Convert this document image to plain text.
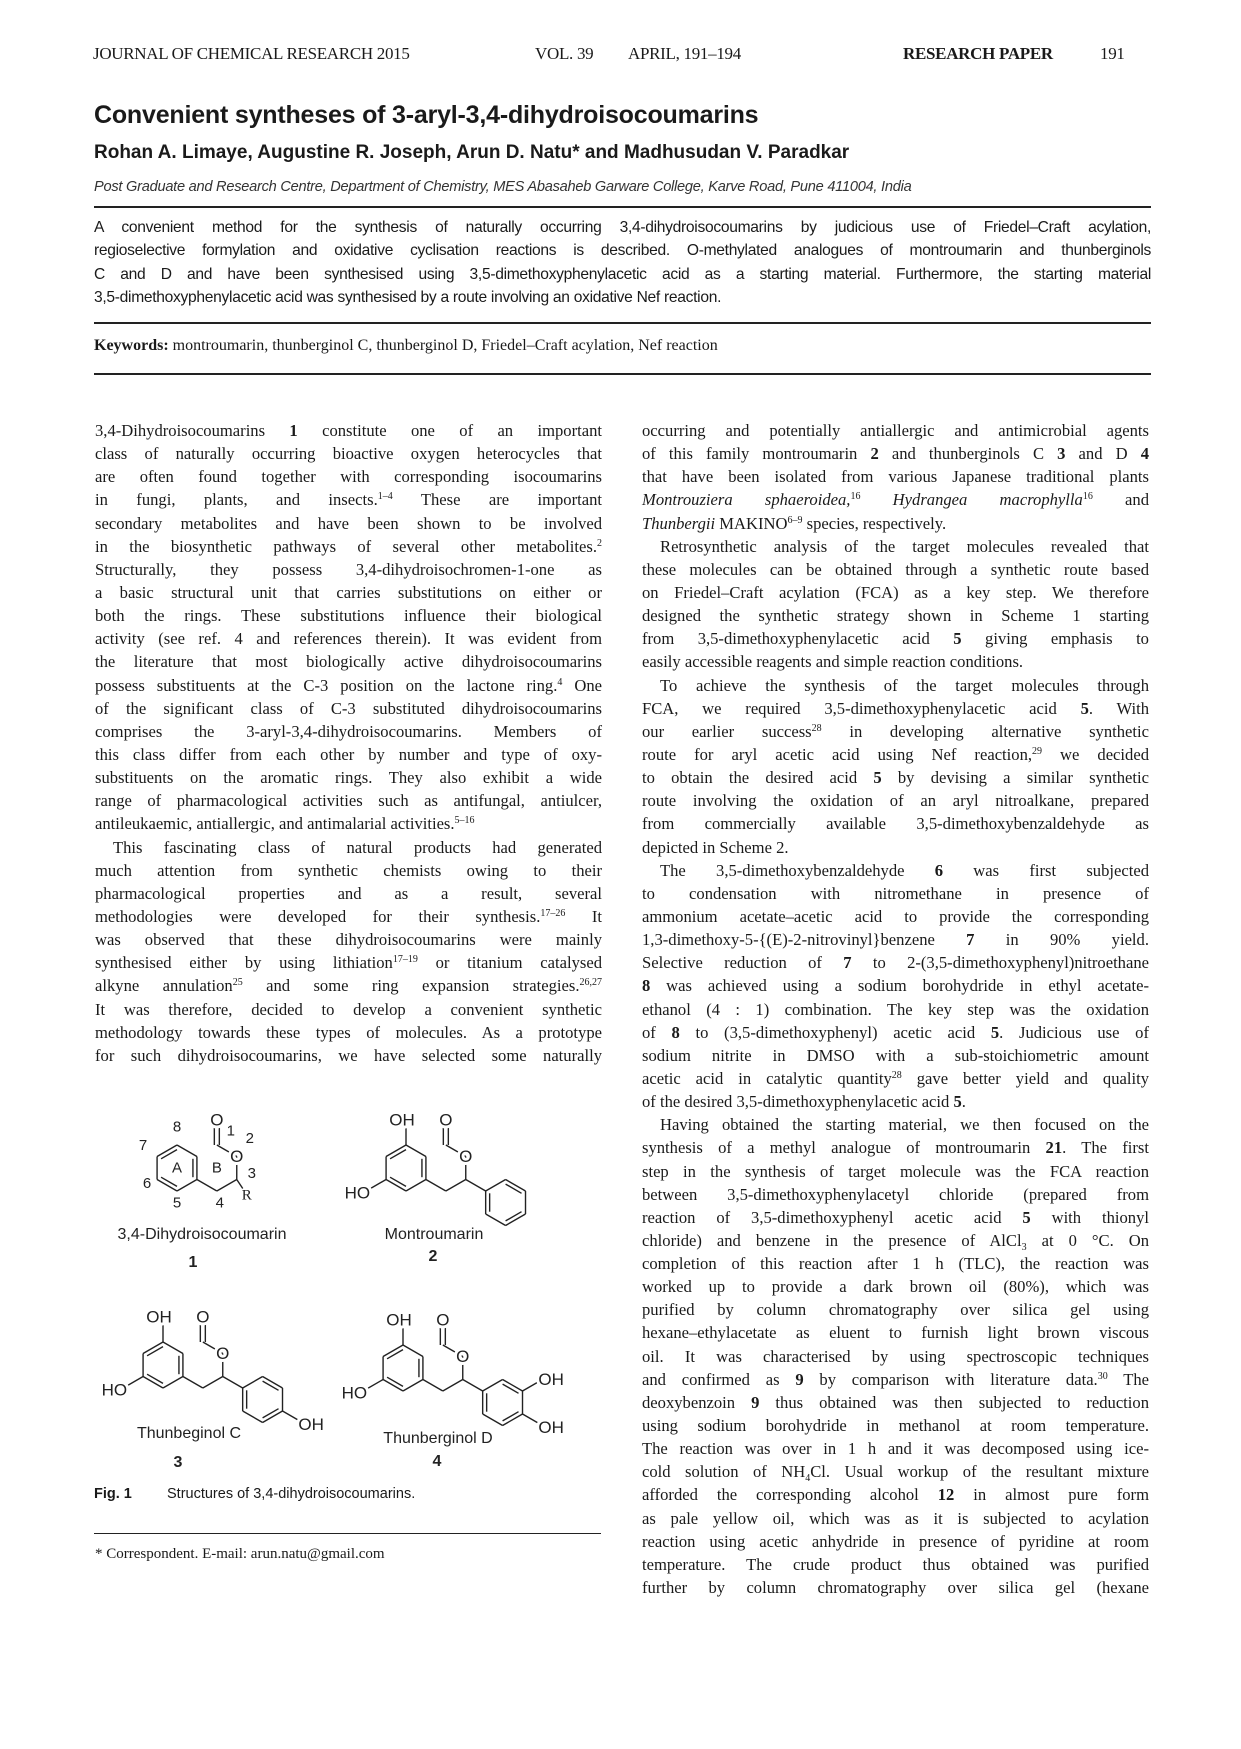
JOURNAL OF CHEMICAL RESEARCH 2015	VOL. 39 APRIL, 191–194	RESEARCH PAPER	191
Convenient syntheses of 3-aryl-3,4-dihydroisocoumarins
Rohan A. Limaye, Augustine R. Joseph, Arun D. Natu* and Madhusudan V. Paradkar
Post Graduate and Research Centre, Department of Chemistry, MES Abasaheb Garware College, Karve Road, Pune 411004, India
A convenient method for the synthesis of naturally occurring 3,4-dihydroisocoumarins by judicious use of Friedel–Craft acylation,
regioselective formylation and oxidative cyclisation reactions is described. O-methylated analogues of montroumarin and thunberginols
C and D and have been synthesised using 3,5-dimethoxyphenylacetic acid as a starting material. Furthermore, the starting material
3,5-dimethoxyphenylacetic acid was synthesised by a route involving an oxidative Nef reaction.
Keywords: montroumarin, thunberginol C, thunberginol D, Friedel–Craft acylation, Nef reaction
3,4-Dihydroisocoumarins 1 constitute one of an important
class of naturally occurring bioactive oxygen heterocycles that
are often found together with corresponding isocoumarins
in fungi, plants, and insects.$^{1-4}$ These are important
secondary metabolites and have been shown to be involved
in the biosynthetic pathways of several other metabolites.$^2$
Structurally, they possess 3,4-dihydroisochromen-1-one as
a basic structural unit that carries substitutions on either or
both the rings. These substitutions influence their biological
activity (see ref. 4 and references therein). It was evident from
the literature that most biologically active dihydroisocoumarins
possess substituents at the C-3 position on the lactone ring.$^4$ One
of the significant class of C-3 substituted dihydroisocoumarins
comprises the 3-aryl-3,4-dihydroisocoumarins. Members of
this class differ from each other by number and type of oxy-
substituents on the aromatic rings. They also exhibit a wide
range of pharmacological activities such as antifungal, antiulcer,
antileukaemic, antiallergic, and antimalarial activities.$^{5-16}$
This fascinating class of natural products had generated
much attention from synthetic chemists owing to their
pharmacological properties and as a result, several
methodologies were developed for their synthesis.$^{17-26}$ It
was observed that these dihydroisocoumarins were mainly
synthesised either by using lithiation$^{17-19}$ or titanium catalysed
alkyne annulation$^{25}$ and some ring expansion strategies.$^{26,27}$
It was therefore, decided to develop a convenient synthetic
methodology towards these types of molecules. As a prototype
for such dihydroisocoumarins, we have selected some naturally
occurring and potentially antiallergic and antimicrobial agents
of this family montroumarin 2 and thunberginols C 3 and D 4
that have been isolated from various Japanese traditional plants
Montrouziera sphaeroidea,$^{16}$ Hydrangea macrophylla$^{16}$ and
Thunbergii MAKINO$^{6-9}$ species, respectively.
Retrosynthetic analysis of the target molecules revealed that
these molecules can be obtained through a synthetic route based
on Friedel–Craft acylation (FCA) as a key step. We therefore
designed the synthetic strategy shown in Scheme 1 starting
from 3,5-dimethoxyphenylacetic acid 5 giving emphasis to
easily accessible reagents and simple reaction conditions.
To achieve the synthesis of the target molecules through
FCA, we required 3,5-dimethoxyphenylacetic acid 5. With
our earlier success$^{28}$ in developing alternative synthetic
route for aryl acetic acid using Nef reaction,$^{29}$ we decided
to obtain the desired acid 5 by devising a similar synthetic
route involving the oxidation of an aryl nitroalkane, prepared
from commercially available 3,5-dimethoxybenzaldehyde as
depicted in Scheme 2.
The 3,5-dimethoxybenzaldehyde 6 was first subjected
to condensation with nitromethane in presence of
ammonium acetate–acetic acid to provide the corresponding
1,3-dimethoxy-5-{(E)-2-nitrovinyl}benzene 7 in 90% yield.
Selective reduction of 7 to 2-(3,5-dimethoxyphenyl)nitroethane
8 was achieved using a sodium borohydride in ethyl acetate-
ethanol (4 : 1) combination. The key step was the oxidation
of 8 to (3,5-dimethoxyphenyl) acetic acid 5. Judicious use of
sodium nitrite in DMSO with a sub-stoichiometric amount
acetic acid in catalytic quantity$^{28}$ gave better yield and quality
of the desired 3,5-dimethoxyphenylacetic acid 5.
Having obtained the starting material, we then focused on the
synthesis of a methyl analogue of montroumarin 21. The first
step in the synthesis of target molecule was the FCA reaction
between 3,5-dimethoxyphenylacetyl chloride (prepared from
reaction of 3,5-dimethoxyphenyl acetic acid 5 with thionyl
chloride) and benzene in the presence of AlCl$_3$ at 0 °C. On
completion of this reaction after 1 h (TLC), the reaction was
worked up to provide a dark brown oil (80%), which was
purified by column chromatography over silica gel using
hexane–ethylacetate as eluent to furnish light brown viscous
oil. It was characterised by using spectroscopic techniques
and confirmed as 9 by comparison with literature data.$^{30}$ The
deoxybenzoin 9 thus obtained was then subjected to reduction
using sodium borohydride in methanol at room temperature.
The reaction was over in 1 h and it was decomposed using ice-
cold solution of $NH_4Cl$. Usual workup of the resultant mixture
afforded the corresponding alcohol 12 in almost pure form
as pale yellow oil, which was as it is subjected to acylation
reaction using acetic anhydride in presence of pyridine at room
temperature. The crude product thus obtained was purified
further by column chromatography over silica gel (hexane
3,4-Dihydroisocoumarin
1
Montroumarin
2
Thunbeginol C
3
Thunberginol D
4
O
O
R
A B
1 2
3
4
5
6
7
8	O
O
OH
HO
O
O
OH
HO
OH
O
O
OH
HO
OH
OH
Fig. 1 Structures of 3,4-dihydroisocoumarins.
* Correspondent. E-mail: arun.natu@gmail.com
